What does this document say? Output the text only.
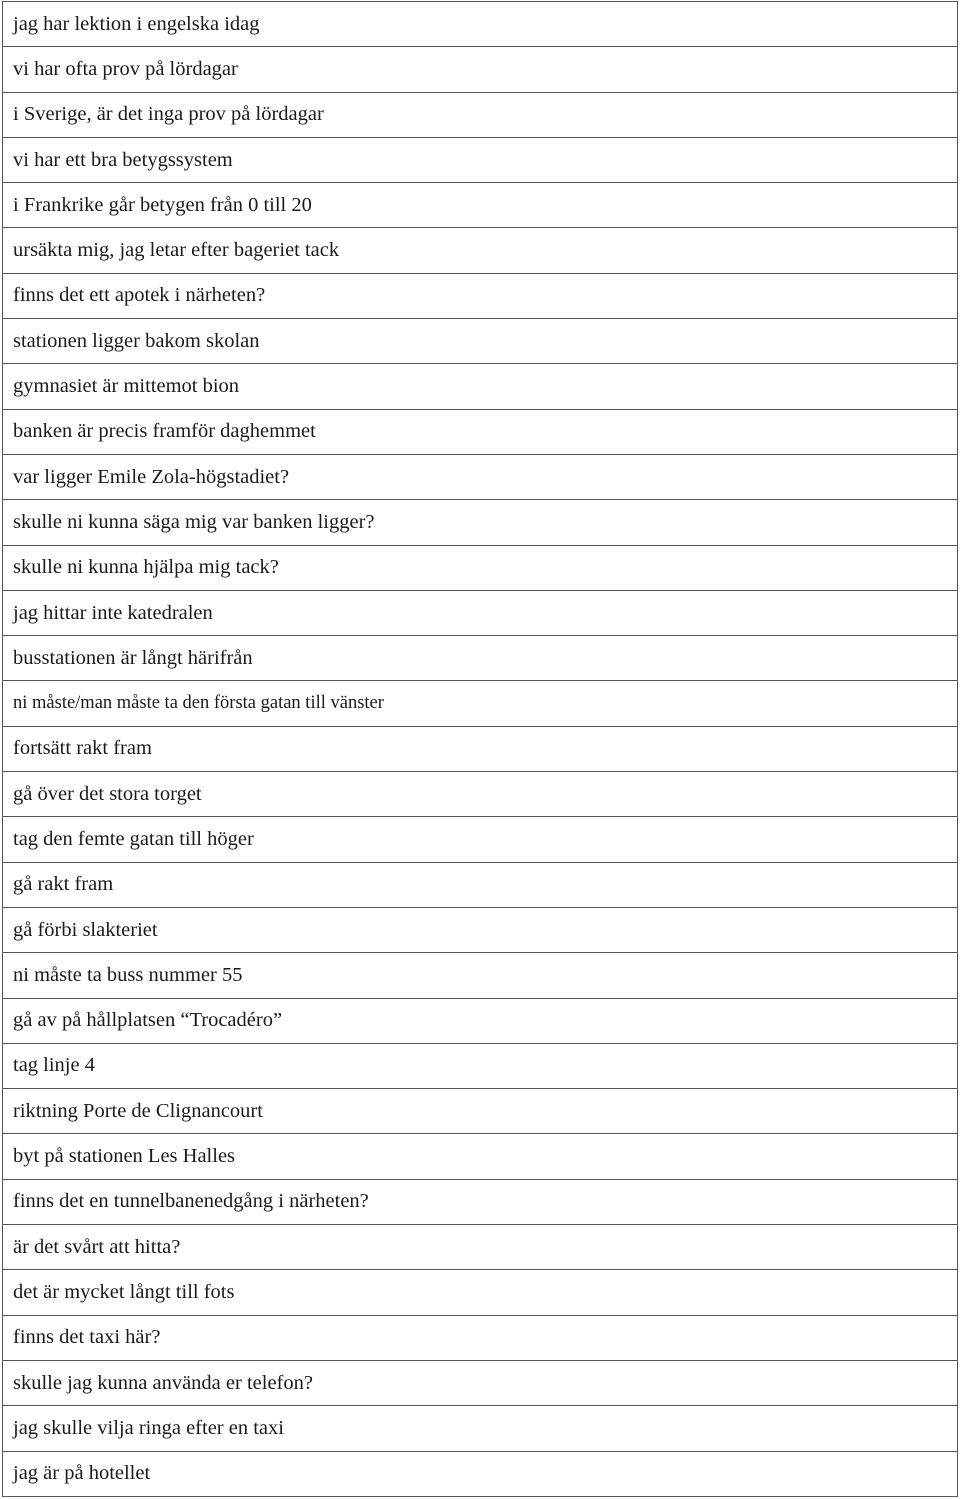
jag har lektion i engelska idag
vi har ofta prov på lördagar
i Sverige, är det inga prov på lördagar
vi har ett bra betygssystem
i Frankrike går betygen från 0 till 20
ursäkta mig, jag letar efter bageriet tack
finns det ett apotek i närheten?
stationen ligger bakom skolan
gymnasiet är mittemot bion
banken är precis framför daghemmet
var ligger Emile Zola-högstadiet?
skulle ni kunna säga mig var banken ligger?
skulle ni kunna hjälpa mig tack?
jag hittar inte katedralen
busstationen är långt härifrån
ni måste/man måste ta den första gatan till vänster
fortsätt rakt fram
gå över det stora torget
tag den femte gatan till höger
gå rakt fram
gå förbi slakteriet
ni måste ta buss nummer 55
gå av på hållplatsen “Trocadéro”
tag linje 4
riktning Porte de Clignancourt
byt på stationen Les Halles
finns det en tunnelbanenedgång i närheten?
är det svårt att hitta?
det är mycket långt till fots
finns det taxi här?
skulle jag kunna använda er telefon?
jag skulle vilja ringa efter en taxi
jag är på hotellet
